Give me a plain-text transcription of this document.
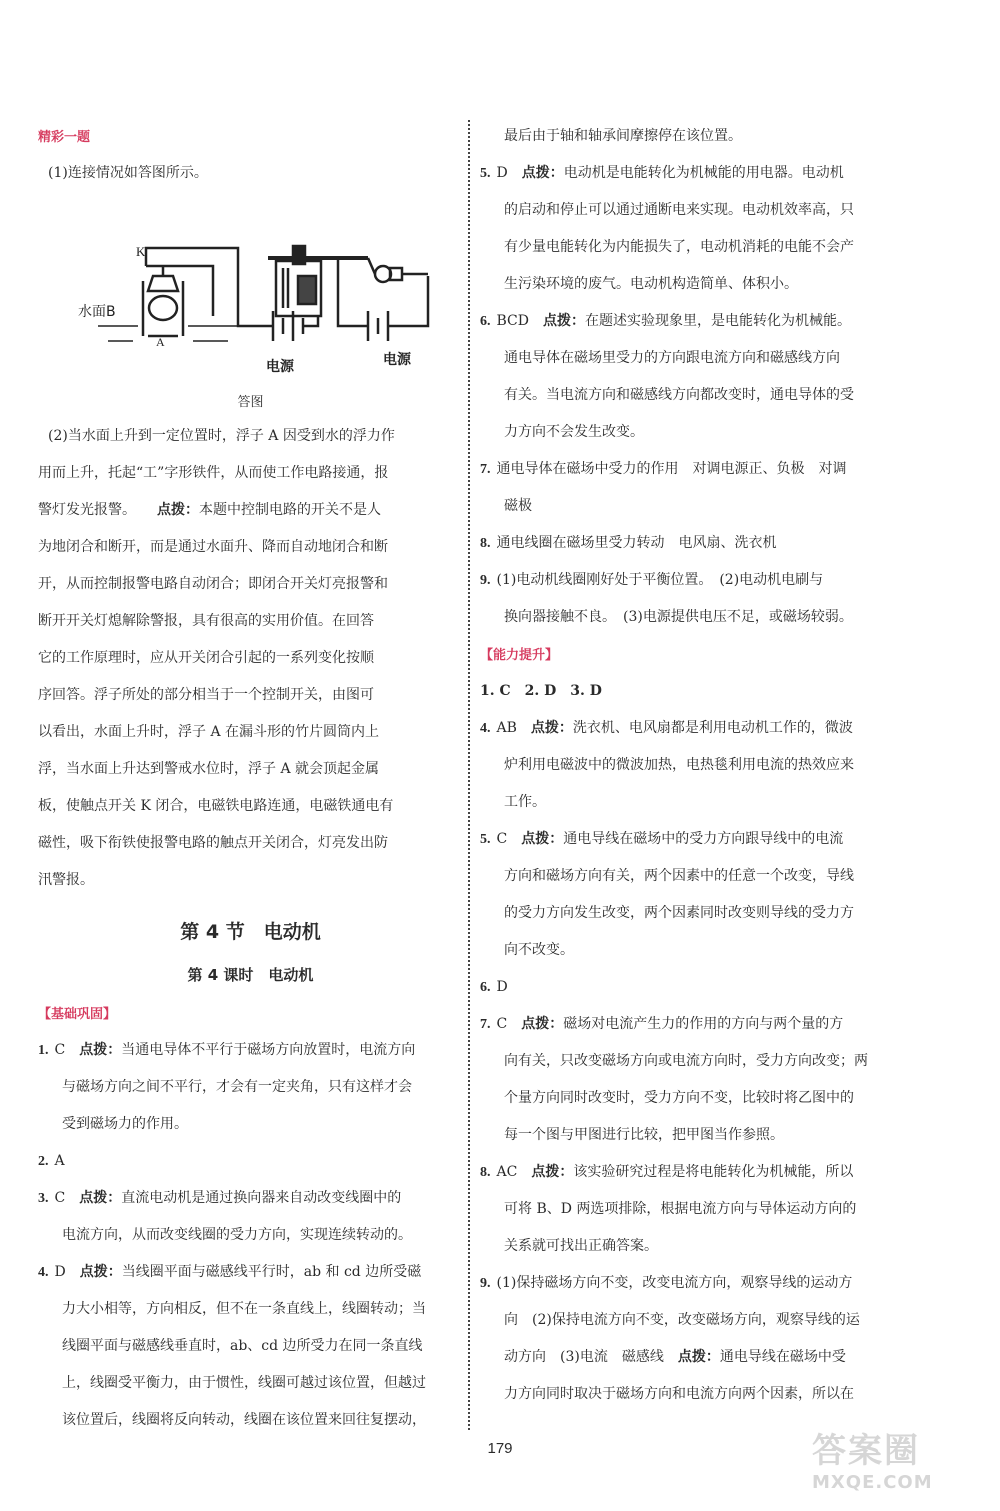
精彩一题

(1)连接情况如答图所示。

K
水面B
A
电源	电源

答图

(2)当水面上升到一定位置时，浮子 A 因受到水的浮力作

用而上升，托起“工”字形铁件，从而使工作电路接通，报

警灯发光报警。　　 点拨：本题中控制电路的开关不是人

为地闭合和断开，而是通过水面升、降而自动地闭合和断

开，从而控制报警电路自动闭合；即闭合开关灯亮报警和

断开开关灯熄解除警报，具有很高的实用价值。在回答

它的工作原理时，应从开关闭合引起的一系列变化按顺

序回答。浮子所处的部分相当于一个控制开关，由图可

以看出，水面上升时，浮子 A 在漏斗形的竹片圆筒内上

浮，当水面上升达到警戒水位时，浮子 A 就会顶起金属

板，使触点开关 K 闭合，电磁铁电路连通，电磁铁通电有

磁性，吸下衔铁使报警电路的触点开关闭合，灯亮发出防

汛警报。

第 4 节　电动机
第 4 课时　电动机
【基础巩固】

1. C　 点拨：当通电导体不平行于磁场方向放置时，电流方向

与磁场方向之间不平行，才会有一定夹角，只有这样才会

受到磁场力的作用。

2. A

3. C　 点拨：直流电动机是通过换向器来自动改变线圈中的

电流方向，从而改变线圈的受力方向，实现连续转动的。

4. D　 点拨：当线圈平面与磁感线平行时，ab 和 cd 边所受磁

力大小相等，方向相反，但不在一条直线上，线圈转动；当

线圈平面与磁感线垂直时，ab、cd 边所受力在同一条直线

上，线圈受平衡力，由于惯性，线圈可越过该位置，但越过

该位置后，线圈将反向转动，线圈在该位置来回往复摆动，

最后由于轴和轴承间摩擦停在该位置。

5. D　 点拨：电动机是电能转化为机械能的用电器。电动机

的启动和停止可以通过通断电来实现。电动机效率高，只

有少量电能转化为内能损失了，电动机消耗的电能不会产

生污染环境的废气。电动机构造简单、体积小。

6. BCD　 点拨：在题述实验现象里，是电能转化为机械能。

通电导体在磁场里受力的方向跟电流方向和磁感线方向

有关。当电流方向和磁感线方向都改变时，通电导体的受

力方向不会发生改变。

7. 通电导体在磁场中受力的作用　对调电源正、负极　对调

磁极

8. 通电线圈在磁场里受力转动　电风扇、洗衣机

9. (1)电动机线圈刚好处于平衡位置。　(2)电动机电刷与

换向器接触不良。　(3)电源提供电压不足，或磁场较弱。

【能力提升】

1. C　2. D　3. D

4. AB　 点拨：洗衣机、电风扇都是利用电动机工作的，微波

炉利用电磁波中的微波加热，电热毯利用电流的热效应来

工作。

5. C　 点拨：通电导线在磁场中的受力方向跟导线中的电流

方向和磁场方向有关，两个因素中的任意一个改变，导线

的受力方向发生改变，两个因素同时改变则导线的受力方

向不改变。

6. D

7. C　 点拨：磁场对电流产生力的作用的方向与两个量的方

向有关，只改变磁场方向或电流方向时，受力方向改变；两

个量方向同时改变时，受力方向不变，比较时将乙图中的

每一个图与甲图进行比较，把甲图当作参照。

8. AC　 点拨：该实验研究过程是将电能转化为机械能，所以

可将 B、D 两选项排除，根据电流方向与导体运动方向的

关系就可找出正确答案。

9. (1)保持磁场方向不变，改变电流方向，观察导线的运动方

向　(2)保持电流方向不变，改变磁场方向，观察导线的运

动方向　(3)电流　磁感线　 点拨：通电导线在磁场中受

力方向同时取决于磁场方向和电流方向两个因素，所以在

179	答案圈
MXQE.COM
